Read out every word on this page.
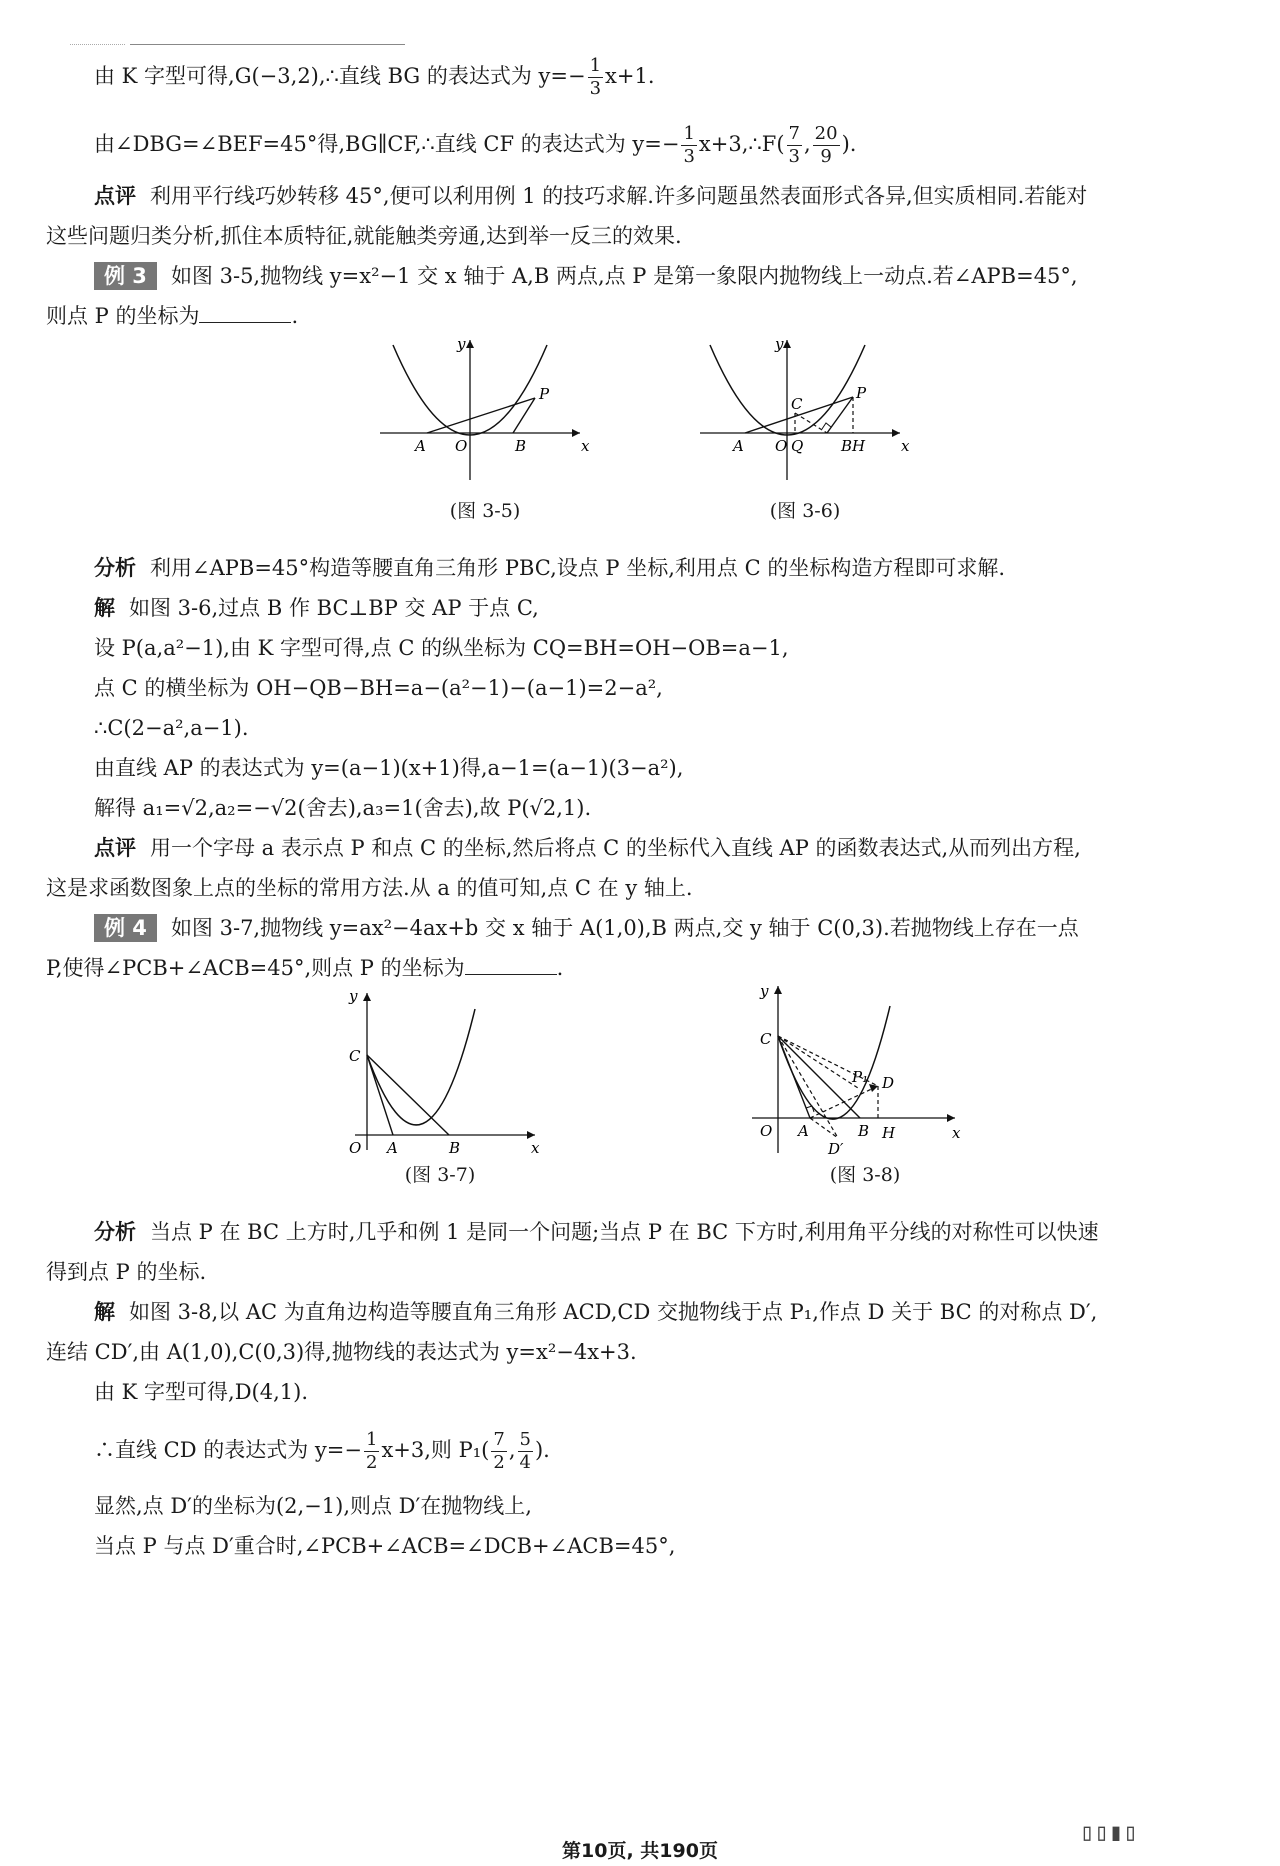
由 K 字型可得,G(−3,2),∴直线 BG 的表达式为 $y=- \frac{1}{3} x+1$.
由∠DBG=∠BEF=45°得,BG∥CF,∴直线 CF 的表达式为 $y=- \frac{1}{3}$ x+3,∴F( $\frac{7}{3}$ , $\frac{20}{9}$ ).
点评 利用平行线巧妙转移 45°,便可以利用例 1 的技巧求解.许多问题虽然表面形式各异,但实质相同.若能对
这些问题归类分析,抓住本质特征,就能触类旁通,达到举一反三的效果.
例 3 如图 3-5,抛物线 y=x²−1 交 x 轴于 A,B 两点,点 P 是第一象限内抛物线上一动点.若∠APB=45°,
则点 P 的坐标为	.
y
x
A O	B
P
(图 3-5)
y
x
A O Q	BH
C
P
(图 3-6)
分析 利用∠APB=45°构造等腰直角三角形 PBC,设点 P 坐标,利用点 C 的坐标构造方程即可求解.
解 如图 3-6,过点 B 作 BC⊥BP 交 AP 于点 C,
设 P(a,a²−1),由 K 字型可得,点 C 的纵坐标为 CQ=BH=OH−OB=a−1,
点 C 的横坐标为 OH−QB−BH=a−(a²−1)−(a−1)=2−a²,
∴C(2−a²,a−1).
由直线 AP 的表达式为 y=(a−1)(x+1)得,a−1=(a−1)(3−a²),
解得 a₁=√2,a₂=−√2(舍去),a₃=1(舍去),故 P(√2,1).
点评 用一个字母 a 表示点 P 和点 C 的坐标,然后将点 C 的坐标代入直线 AP 的函数表达式,从而列出方程,
这是求函数图象上点的坐标的常用方法.从 a 的值可知,点 C 在 y 轴上.
例 4 如图 3-7,抛物线 y=ax²−4ax+b 交 x 轴于 A(1,0),B 两点,交 y 轴于 C(0,3).若抛物线上存在一点
P,使得∠PCB+∠ACB=45°,则点 P 的坐标为	.
y
x
O A	B
C
(图 3-7)
y
x
O A	B H
C
P₁ D
D′
(图 3-8)
分析 当点 P 在 BC 上方时,几乎和例 1 是同一个问题;当点 P 在 BC 下方时,利用角平分线的对称性可以快速
得到点 P 的坐标.
解 如图 3-8,以 AC 为直角边构造等腰直角三角形 ACD,CD 交抛物线于点 P₁,作点 D 关于 BC 的对称点 D′,
连结 CD′,由 A(1,0),C(0,3)得,抛物线的表达式为 y=x²−4x+3.
由 K 字型可得,D(4,1).
∴直线 CD 的表达式为 $y=- \frac{1}{2} x+3$,则 $P_1( \frac{7}{2}$ , $\frac{5}{4}$ ).
显然,点 D′的坐标为(2,−1),则点 D′在抛物线上,
当点 P 与点 D′重合时,∠PCB+∠ACB=∠DCB+∠ACB=45°,
第10页, 共190页
▯▯▮▯
